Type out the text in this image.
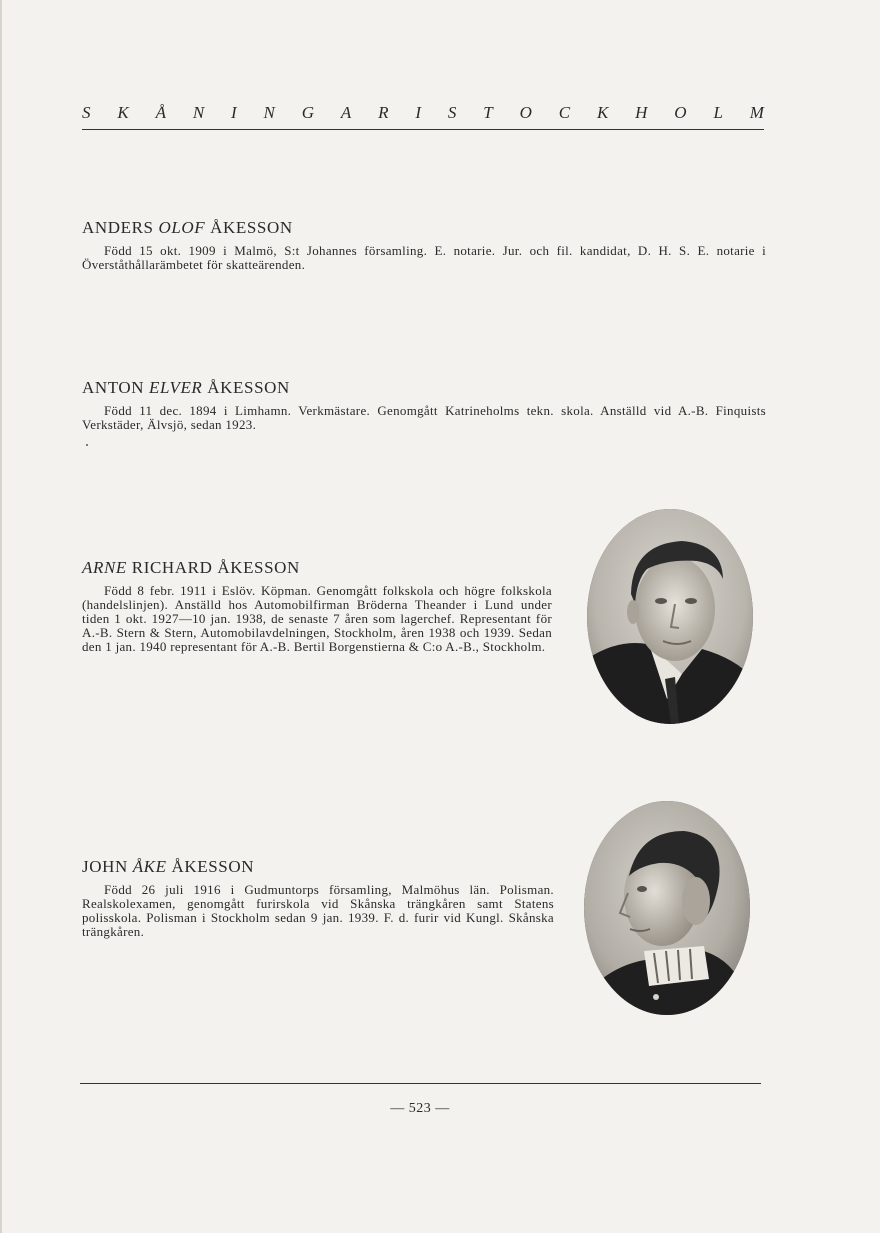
S K Å N I N G A R I S T O C K H O L M
ANDERS OLOF ÅKESSON

Född 15 okt. 1909 i Malmö, S:t Johannes församling. E. notarie. Jur. och fil. kandidat, D. H. S. E. notarie i Överståthållarämbetet för skatteärenden.

ANTON ELVER ÅKESSON

Född 11 dec. 1894 i Limhamn. Verkmästare. Genomgått Katrineholms tekn. skola. Anställd vid A.-B. Finquists Verkstäder, Älvsjö, sedan 1923.

ARNE RICHARD ÅKESSON

Född 8 febr. 1911 i Eslöv. Köpman. Genomgått folkskola och högre folkskola (handelslinjen). Anställd hos Automobilfirman Bröderna Theander i Lund under tiden 1 okt. 1927—10 jan. 1938, de senaste 7 åren som lagerchef. Representant för A.-B. Stern & Stern, Automobilavdelningen, Stockholm, åren 1938 och 1939. Sedan den 1 jan. 1940 representant för A.-B. Bertil Borgenstierna & C:o A.-B., Stockholm.

JOHN ÅKE ÅKESSON

Född 26 juli 1916 i Gudmuntorps församling, Malmöhus län. Polisman. Realskolexamen, genomgått furirskola vid Skånska trängkåren samt Statens polisskola. Polisman i Stockholm sedan 9 jan. 1939. F. d. furir vid Kungl. Skånska trängkåren.

— 523 —
